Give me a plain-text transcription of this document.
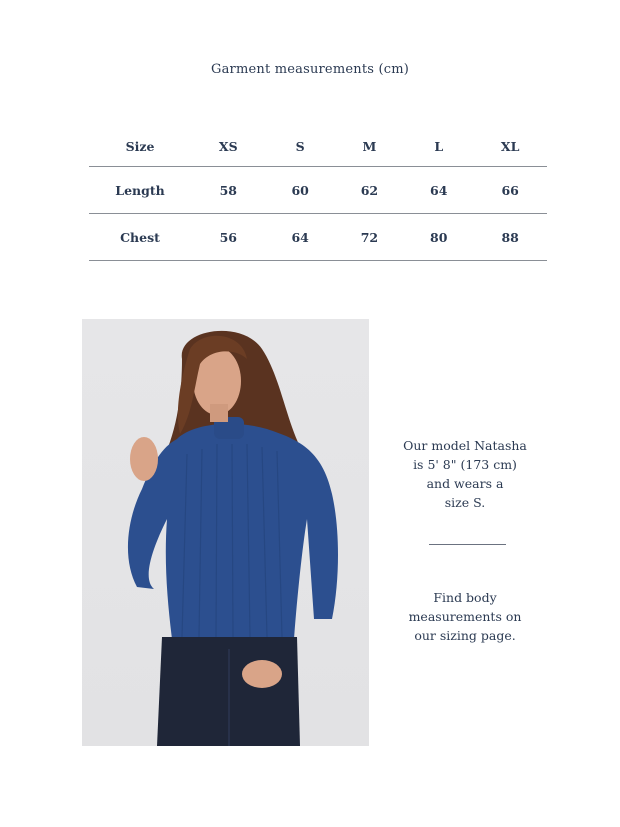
Garment measurements (cm)
Size	XS	S	M	L	XL
Length	58	60	62	64	66
Chest	56	64	72	80	88
Our model Natasha
is 5' 8" (173 cm)
and wears a
size S.
Find body
measurements on
our sizing page.
